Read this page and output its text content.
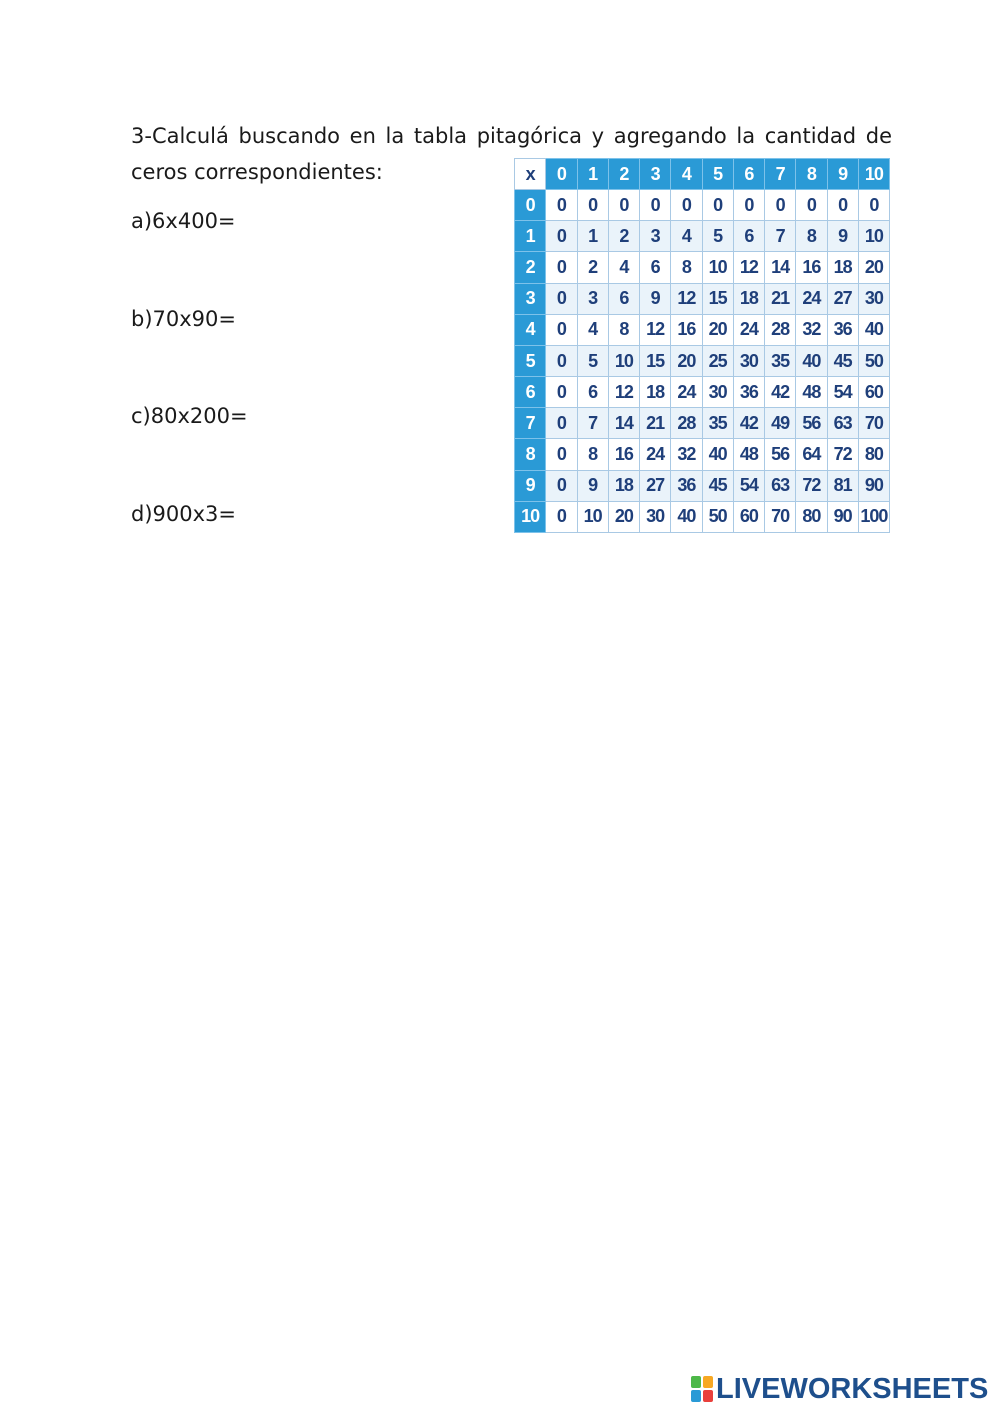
3-Calculá buscando en la tabla pitagórica y agregando la cantidad de
ceros correspondientes:
a)6x400=
b)70x90=
c)80x200=
d)900x3=
x	0	1	2	3	4	5	6	7	8	9	10
0	0	0	0	0	0	0	0	0	0	0	0
1	0	1	2	3	4	5	6	7	8	9	10
2	0	2	4	6	8	10	12	14	16	18	20
3	0	3	6	9	12	15	18	21	24	27	30
4	0	4	8	12	16	20	24	28	32	36	40
5	0	5	10	15	20	25	30	35	40	45	50
6	0	6	12	18	24	30	36	42	48	54	60
7	0	7	14	21	28	35	42	49	56	63	70
8	0	8	16	24	32	40	48	56	64	72	80
9	0	9	18	27	36	45	54	63	72	81	90
10	0	10	20	30	40	50	60	70	80	90	100
LIVEWORKSHEETS
